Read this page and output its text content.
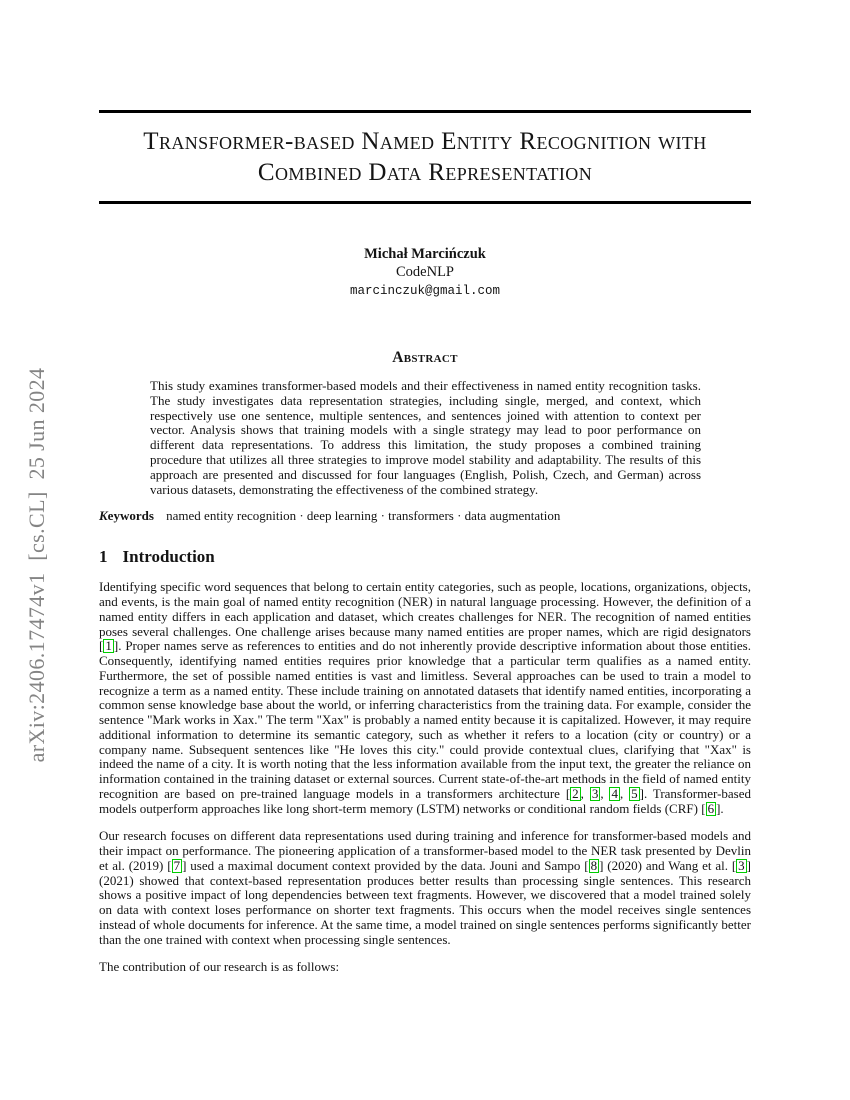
arXiv:2406.17474v1  [cs.CL]  25 Jun 2024
Transformer-based Named Entity Recognition with
Combined Data Representation
Michał Marcińczuk
CodeNLP
marcinczuk@gmail.com
Abstract

This study examines transformer-based models and their effectiveness in named entity recognition tasks. The study investigates data representation strategies, including single, merged, and context, which respectively use one sentence, multiple sentences, and sentences joined with attention to context per vector. Analysis shows that training models with a single strategy may lead to poor performance on different data representations. To address this limitation, the study proposes a combined training procedure that utilizes all three strategies to improve model stability and adaptability. The results of this approach are presented and discussed for four languages (English, Polish, Czech, and German) across various datasets, demonstrating the effectiveness of the combined strategy.

Keywords named entity recognition · deep learning · transformers · data augmentation

1 Introduction

Identifying specific word sequences that belong to certain entity categories, such as people, locations, organizations, objects, and events, is the main goal of named entity recognition (NER) in natural language processing. However, the definition of a named entity differs in each application and dataset, which creates challenges for NER. The recognition of named entities poses several challenges. One challenge arises because many named entities are proper names, which are rigid designators [ 1 ]. Proper names serve as references to entities and do not inherently provide descriptive information about those entities. Consequently, identifying named entities requires prior knowledge that a particular term qualifies as a named entity. Furthermore, the set of possible named entities is vast and limitless. Several approaches can be used to train a model to recognize a term as a named entity. These include training on annotated datasets that identify named entities, incorporating a common sense knowledge base about the world, or inferring characteristics from the training data. For example, consider the sentence "Mark works in Xax." The term "Xax" is probably a named entity because it is capitalized. However, it may require additional information to determine its semantic category, such as whether it refers to a location (city or country) or a company name. Subsequent sentences like "He loves this city." could provide contextual clues, clarifying that "Xax" is indeed the name of a city. It is worth noting that the less information available from the input text, the greater the reliance on information contained in the training dataset or external sources. Current state-of-the-art methods in the field of named entity recognition are based on pre-trained language models in a transformers architecture [ 2 , 3 , 4 , 5 ]. Transformer-based models outperform approaches like long short-term memory (LSTM) networks or conditional random fields (CRF) [ 6 ].

Our research focuses on different data representations used during training and inference for transformer-based models and their impact on performance. The pioneering application of a transformer-based model to the NER task presented by Devlin et al. (2019) [ 7 ] used a maximal document context provided by the data. Jouni and Sampo [ 8 ] (2020) and Wang et al. [ 3 ] (2021) showed that context-based representation produces better results than processing single sentences. This research shows a positive impact of long dependencies between text fragments. However, we discovered that a model trained solely on data with context loses performance on shorter text fragments. This occurs when the model receives single sentences instead of whole documents for inference. At the same time, a model trained on single sentences performs significantly better than the one trained with context when processing single sentences.

The contribution of our research is as follows:
